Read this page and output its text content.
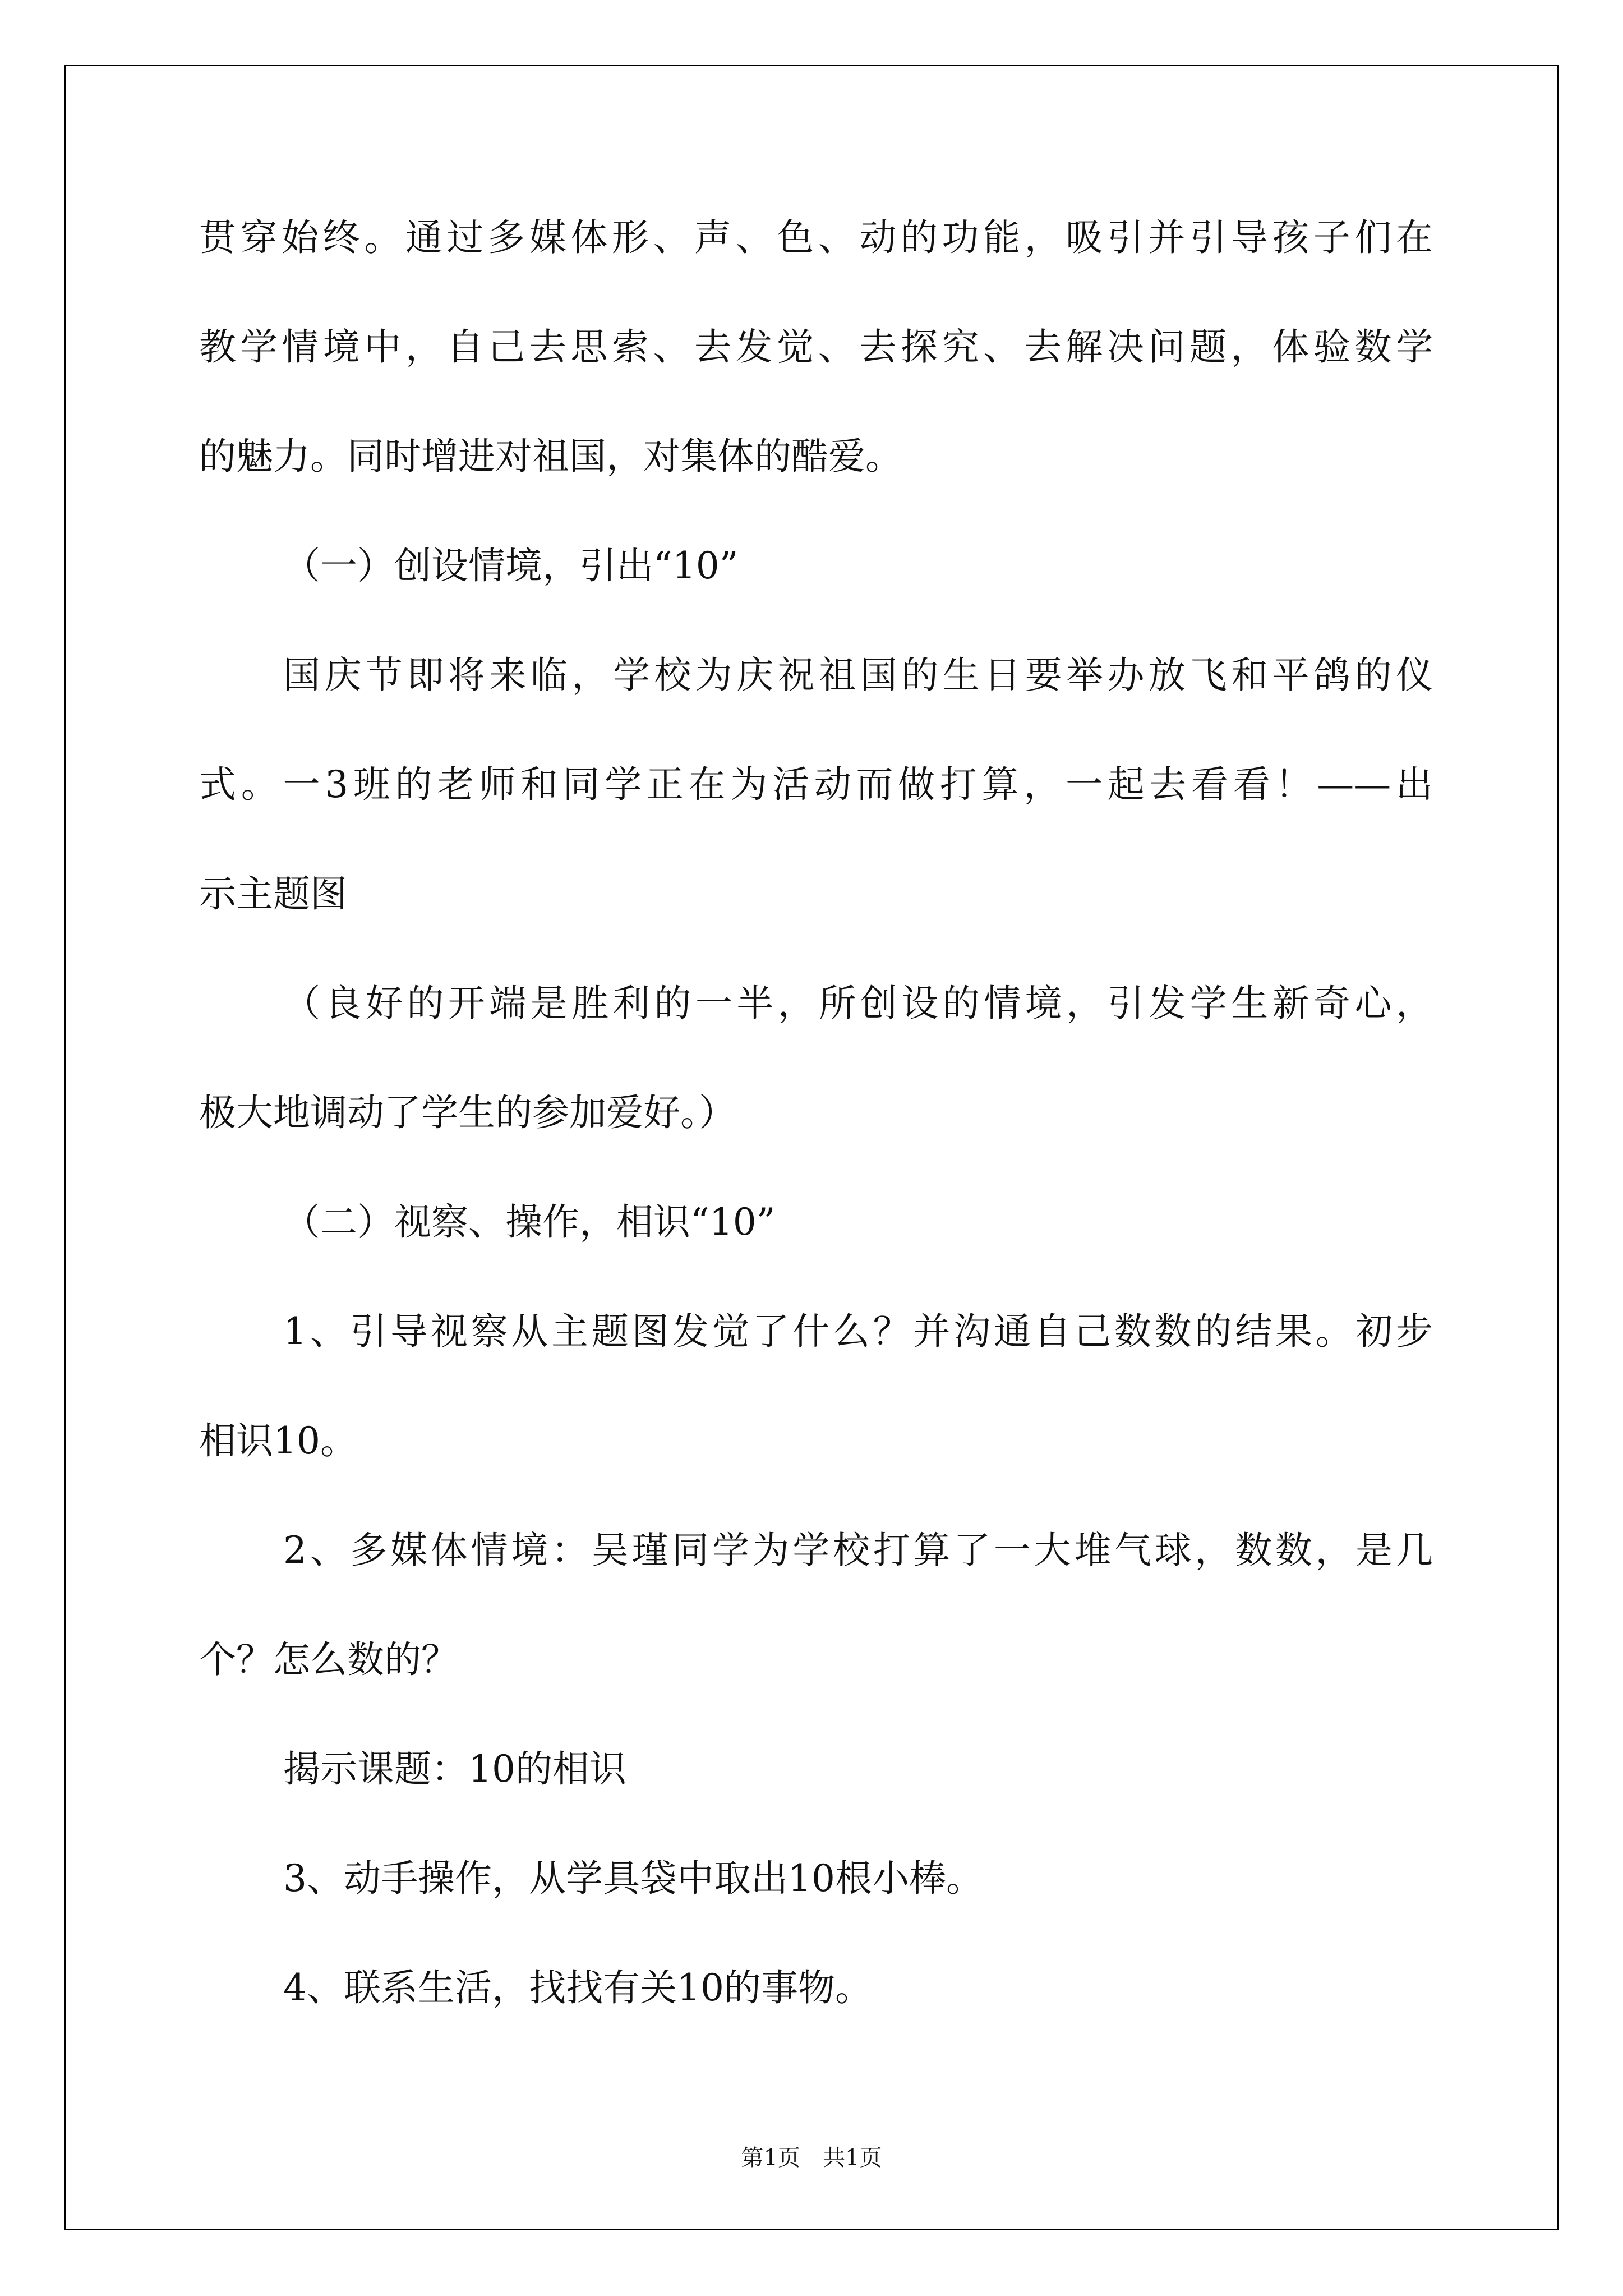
贯穿始终。通过多媒体形、声、色、动的功能，吸引并引导孩子们在
教学情境中，自己去思索、去发觉、去探究、去解决问题，体验数学
的魅力。同时增进对祖国，对集体的酷爱。
（一）创设情境，引出“10”
国庆节即将来临，学校为庆祝祖国的生日要举办放飞和平鸽的仪
式。一3班的老师和同学正在为活动而做打算，一起去看看！——出
示主题图
（良好的开端是胜利的一半，所创设的情境，引发学生新奇心，
极大地调动了学生的参加爱好。）
（二）视察、操作，相识“10”
1、引导视察从主题图发觉了什么？并沟通自己数数的结果。初步
相识10。
2、多媒体情境：吴瑾同学为学校打算了一大堆气球，数数，是几
个？怎么数的？
揭示课题：10的相识
3、动手操作，从学具袋中取出10根小棒。
4、联系生活，找找有关10的事物。
第1页　共1页
